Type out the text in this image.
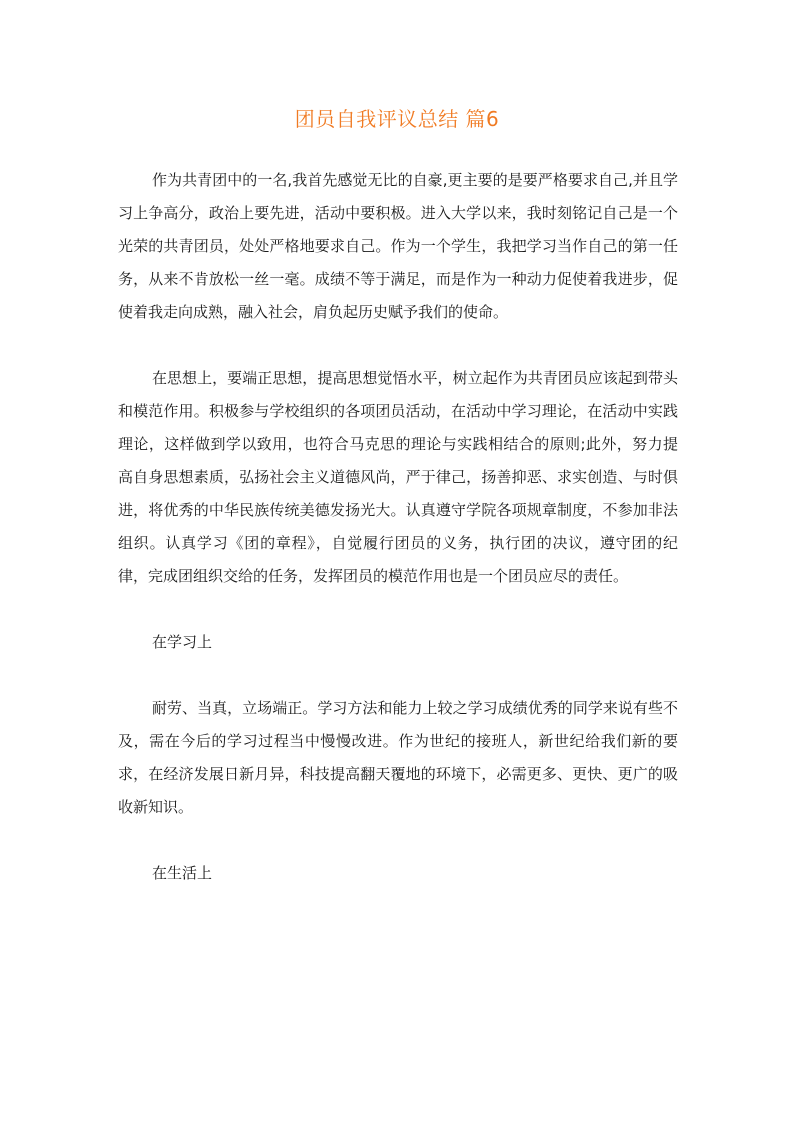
团员自我评议总结 篇6

作为共青团中的一名,我首先感觉无比的自豪,更主要的是要严格要求自己,并且学习上争高分，政治上要先进，活动中要积极。进入大学以来，我时刻铭记自己是一个光荣的共青团员，处处严格地要求自己。作为一个学生，我把学习当作自己的第一任务，从来不肯放松一丝一毫。成绩不等于满足，而是作为一种动力促使着我进步，促使着我走向成熟，融入社会，肩负起历史赋予我们的使命。

在思想上，要端正思想，提高思想觉悟水平，树立起作为共青团员应该起到带头和模范作用。积极参与学校组织的各项团员活动，在活动中学习理论，在活动中实践理论，这样做到学以致用，也符合马克思的理论与实践相结合的原则;此外，努力提高自身思想素质，弘扬社会主义道德风尚，严于律己，扬善抑恶、求实创造、与时俱进，将优秀的中华民族传统美德发扬光大。认真遵守学院各项规章制度，不参加非法组织。认真学习《团的章程》，自觉履行团员的义务，执行团的决议，遵守团的纪律，完成团组织交给的任务，发挥团员的模范作用也是一个团员应尽的责任。

在学习上

耐劳、当真，立场端正。学习方法和能力上较之学习成绩优秀的同学来说有些不及，需在今后的学习过程当中慢慢改进。作为世纪的接班人，新世纪给我们新的要求，在经济发展日新月异，科技提高翻天覆地的环境下，必需更多、更快、更广的吸收新知识。

在生活上
